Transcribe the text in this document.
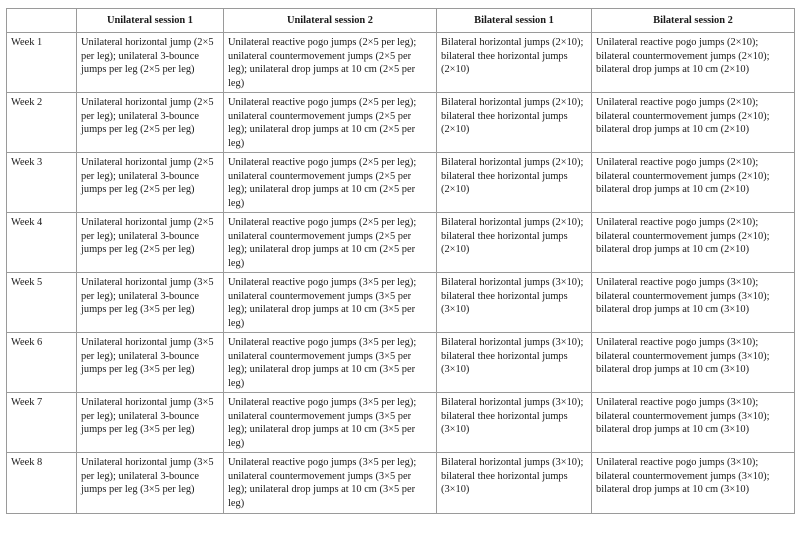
	Unilateral session 1	Unilateral session 2	Bilateral session 1	Bilateral session 2
Week 1	Unilateral horizontal jump (2×5 per leg); unilateral 3-bounce jumps per leg (2×5 per leg)	Unilateral reactive pogo jumps (2×5 per leg); unilateral countermovement jumps (2×5 per leg); unilateral drop jumps at 10 cm (2×5 per leg)	Bilateral horizontal jumps (2×10); bilateral thee horizontal jumps (2×10)	Unilateral reactive pogo jumps (2×10); bilateral countermovement jumps (2×10); bilateral drop jumps at 10 cm (2×10)
Week 2	Unilateral horizontal jump (2×5 per leg); unilateral 3-bounce jumps per leg (2×5 per leg)	Unilateral reactive pogo jumps (2×5 per leg); unilateral countermovement jumps (2×5 per leg); unilateral drop jumps at 10 cm (2×5 per leg)	Bilateral horizontal jumps (2×10); bilateral thee horizontal jumps (2×10)	Unilateral reactive pogo jumps (2×10); bilateral countermovement jumps (2×10); bilateral drop jumps at 10 cm (2×10)
Week 3	Unilateral horizontal jump (2×5 per leg); unilateral 3-bounce jumps per leg (2×5 per leg)	Unilateral reactive pogo jumps (2×5 per leg); unilateral countermovement jumps (2×5 per leg); unilateral drop jumps at 10 cm (2×5 per leg)	Bilateral horizontal jumps (2×10); bilateral thee horizontal jumps (2×10)	Unilateral reactive pogo jumps (2×10); bilateral countermovement jumps (2×10); bilateral drop jumps at 10 cm (2×10)
Week 4	Unilateral horizontal jump (2×5 per leg); unilateral 3-bounce jumps per leg (2×5 per leg)	Unilateral reactive pogo jumps (2×5 per leg); unilateral countermovement jumps (2×5 per leg); unilateral drop jumps at 10 cm (2×5 per leg)	Bilateral horizontal jumps (2×10); bilateral thee horizontal jumps (2×10)	Unilateral reactive pogo jumps (2×10); bilateral countermovement jumps (2×10); bilateral drop jumps at 10 cm (2×10)
Week 5	Unilateral horizontal jump (3×5 per leg); unilateral 3-bounce jumps per leg (3×5 per leg)	Unilateral reactive pogo jumps (3×5 per leg); unilateral countermovement jumps (3×5 per leg); unilateral drop jumps at 10 cm (3×5 per leg)	Bilateral horizontal jumps (3×10); bilateral thee horizontal jumps (3×10)	Unilateral reactive pogo jumps (3×10); bilateral countermovement jumps (3×10); bilateral drop jumps at 10 cm (3×10)
Week 6	Unilateral horizontal jump (3×5 per leg); unilateral 3-bounce jumps per leg (3×5 per leg)	Unilateral reactive pogo jumps (3×5 per leg); unilateral countermovement jumps (3×5 per leg); unilateral drop jumps at 10 cm (3×5 per leg)	Bilateral horizontal jumps (3×10); bilateral thee horizontal jumps (3×10)	Unilateral reactive pogo jumps (3×10); bilateral countermovement jumps (3×10); bilateral drop jumps at 10 cm (3×10)
Week 7	Unilateral horizontal jump (3×5 per leg); unilateral 3-bounce jumps per leg (3×5 per leg)	Unilateral reactive pogo jumps (3×5 per leg); unilateral countermovement jumps (3×5 per leg); unilateral drop jumps at 10 cm (3×5 per leg)	Bilateral horizontal jumps (3×10); bilateral thee horizontal jumps (3×10)	Unilateral reactive pogo jumps (3×10); bilateral countermovement jumps (3×10); bilateral drop jumps at 10 cm (3×10)
Week 8	Unilateral horizontal jump (3×5 per leg); unilateral 3-bounce jumps per leg (3×5 per leg)	Unilateral reactive pogo jumps (3×5 per leg); unilateral countermovement jumps (3×5 per leg); unilateral drop jumps at 10 cm (3×5 per leg)	Bilateral horizontal jumps (3×10); bilateral thee horizontal jumps (3×10)	Unilateral reactive pogo jumps (3×10); bilateral countermovement jumps (3×10); bilateral drop jumps at 10 cm (3×10)
